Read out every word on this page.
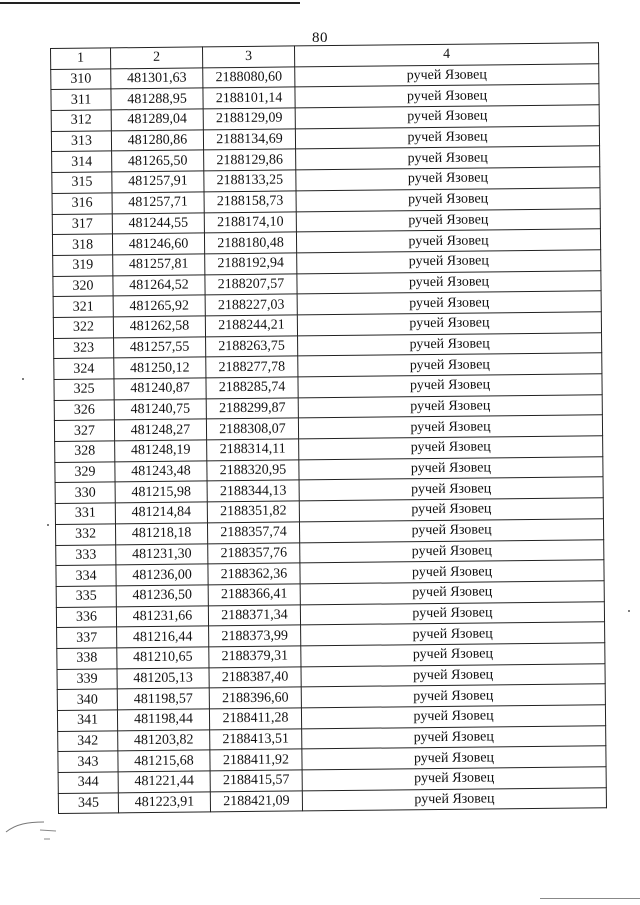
80
1	2	3	4
310	481301,63	2188080,60	ручей Язовец
311	481288,95	2188101,14	ручей Язовец
312	481289,04	2188129,09	ручей Язовец
313	481280,86	2188134,69	ручей Язовец
314	481265,50	2188129,86	ручей Язовец
315	481257,91	2188133,25	ручей Язовец
316	481257,71	2188158,73	ручей Язовец
317	481244,55	2188174,10	ручей Язовец
318	481246,60	2188180,48	ручей Язовец
319	481257,81	2188192,94	ручей Язовец
320	481264,52	2188207,57	ручей Язовец
321	481265,92	2188227,03	ручей Язовец
322	481262,58	2188244,21	ручей Язовец
323	481257,55	2188263,75	ручей Язовец
324	481250,12	2188277,78	ручей Язовец
325	481240,87	2188285,74	ручей Язовец
326	481240,75	2188299,87	ручей Язовец
327	481248,27	2188308,07	ручей Язовец
328	481248,19	2188314,11	ручей Язовец
329	481243,48	2188320,95	ручей Язовец
330	481215,98	2188344,13	ручей Язовец
331	481214,84	2188351,82	ручей Язовец
332	481218,18	2188357,74	ручей Язовец
333	481231,30	2188357,76	ручей Язовец
334	481236,00	2188362,36	ручей Язовец
335	481236,50	2188366,41	ручей Язовец
336	481231,66	2188371,34	ручей Язовец
337	481216,44	2188373,99	ручей Язовец
338	481210,65	2188379,31	ручей Язовец
339	481205,13	2188387,40	ручей Язовец
340	481198,57	2188396,60	ручей Язовец
341	481198,44	2188411,28	ручей Язовец
342	481203,82	2188413,51	ручей Язовец
343	481215,68	2188411,92	ручей Язовец
344	481221,44	2188415,57	ручей Язовец
345	481223,91	2188421,09	ручей Язовец
